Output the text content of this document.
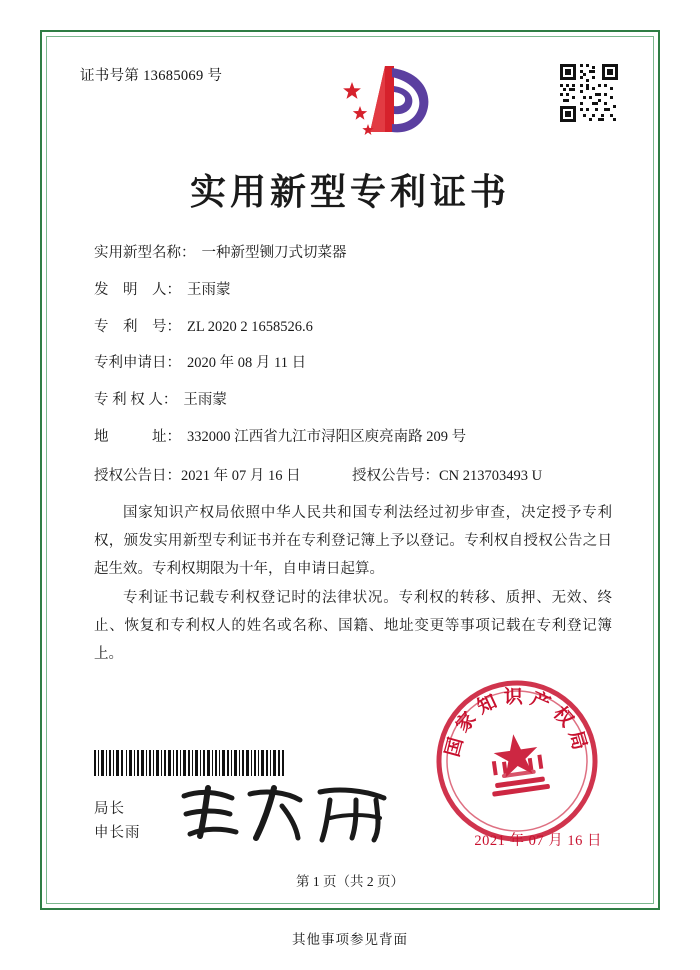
证书号第 13685069 号
实用新型专利证书
实用新型名称： 一种新型铡刀式切菜器
发　明　人： 王雨蒙
专　利　号： ZL 2020 2 1658526.6
专利申请日： 2020 年 08 月 11 日
专 利 权 人： 王雨蒙
地　　　址： 332000 江西省九江市浔阳区庾亮南路 209 号
授权公告日：2021 年 07 月 16 日	授权公告号：CN 213703493 U

国家知识产权局依照中华人民共和国专利法经过初步审查，决定授予专利权，颁发实用新型专利证书并在专利登记簿上予以登记。专利权自授权公告之日起生效。专利权期限为十年，自申请日起算。

专利证书记载专利权登记时的法律状况。专利权的转移、质押、无效、终止、恢复和专利权人的姓名或名称、国籍、地址变更等事项记载在专利登记簿上。

局长
申长雨
国家知识产权局
2021 年 07 月 16 日
第 1 页（共 2 页）
其他事项参见背面
